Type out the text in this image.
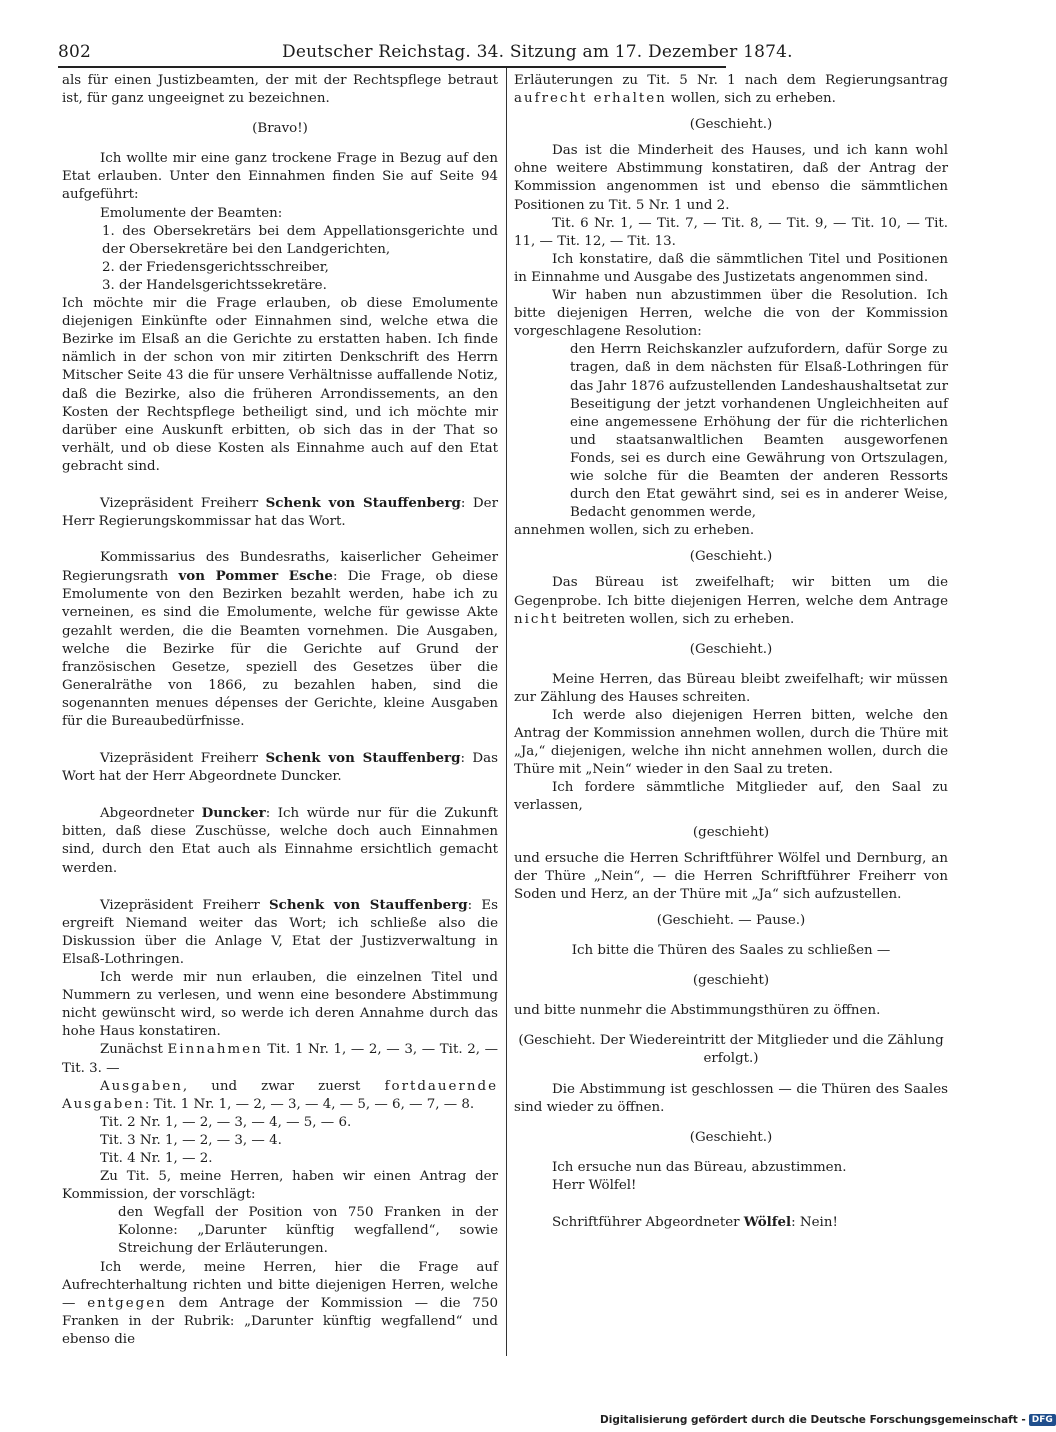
802	Deutscher Reichstag. 34. Sitzung am 17. Dezember 1874.

als für einen Justizbeamten, der mit der Rechtspflege betraut ist, für ganz ungeeignet zu bezeichnen.

(Bravo!)

Ich wollte mir eine ganz trockene Frage in Bezug auf den Etat erlauben. Unter den Einnahmen finden Sie auf Seite 94 aufgeführt:

Emolumente der Beamten:

1. des Obersekretärs bei dem Appellationsgerichte und der Obersekretäre bei den Landgerichten,

2. der Friedensgerichtsschreiber,

3. der Handelsgerichtssekretäre.

Ich möchte mir die Frage erlauben, ob diese Emolumente diejenigen Einkünfte oder Einnahmen sind, welche etwa die Bezirke im Elsaß an die Gerichte zu erstatten haben. Ich finde nämlich in der schon von mir zitirten Denkschrift des Herrn Mitscher Seite 43 die für unsere Verhältnisse auffallende Notiz, daß die Bezirke, also die früheren Arrondissements, an den Kosten der Rechtspflege betheiligt sind, und ich möchte mir darüber eine Auskunft erbitten, ob sich das in der That so verhält, und ob diese Kosten als Einnahme auch auf den Etat gebracht sind.

Vizepräsident Freiherr Schenk von Stauffenberg: Der Herr Regierungskommissar hat das Wort.

Kommissarius des Bundesraths, kaiserlicher Geheimer Regierungsrath von Pommer Esche: Die Frage, ob diese Emolumente von den Bezirken bezahlt werden, habe ich zu verneinen, es sind die Emolumente, welche für gewisse Akte gezahlt werden, die die Beamten vornehmen. Die Ausgaben, welche die Bezirke für die Gerichte auf Grund der französischen Gesetze, speziell des Gesetzes über die Generalräthe von 1866, zu bezahlen haben, sind die sogenannten menues dépenses der Gerichte, kleine Ausgaben für die Bureaubedürfnisse.

Vizepräsident Freiherr Schenk von Stauffenberg: Das Wort hat der Herr Abgeordnete Duncker.

Abgeordneter Duncker: Ich würde nur für die Zukunft bitten, daß diese Zuschüsse, welche doch auch Einnahmen sind, durch den Etat auch als Einnahme ersichtlich gemacht werden.

Vizepräsident Freiherr Schenk von Stauffenberg: Es ergreift Niemand weiter das Wort; ich schließe also die Diskussion über die Anlage V, Etat der Justizverwaltung in Elsaß-Lothringen.

Ich werde mir nun erlauben, die einzelnen Titel und Nummern zu verlesen, und wenn eine besondere Abstimmung nicht gewünscht wird, so werde ich deren Annahme durch das hohe Haus konstatiren.

Zunächst Einnahmen Tit. 1 Nr. 1, — 2, — 3, — Tit. 2, — Tit. 3. —

Ausgaben, und zwar zuerst fortdauernde Ausgaben: Tit. 1 Nr. 1, — 2, — 3, — 4, — 5, — 6, — 7, — 8.

Tit. 2 Nr. 1, — 2, — 3, — 4, — 5, — 6.

Tit. 3 Nr. 1, — 2, — 3, — 4.

Tit. 4 Nr. 1, — 2.

Zu Tit. 5, meine Herren, haben wir einen Antrag der Kommission, der vorschlägt:

den Wegfall der Position von 750 Franken in der Kolonne: „Darunter künftig wegfallend“, sowie Streichung der Erläuterungen.

Ich werde, meine Herren, hier die Frage auf Aufrechterhaltung richten und bitte diejenigen Herren, welche — entgegen dem Antrage der Kommission — die 750 Franken in der Rubrik: „Darunter künftig wegfallend“ und ebenso die

Erläuterungen zu Tit. 5 Nr. 1 nach dem Regierungsantrag aufrecht erhalten wollen, sich zu erheben.

(Geschieht.)

Das ist die Minderheit des Hauses, und ich kann wohl ohne weitere Abstimmung konstatiren, daß der Antrag der Kommission angenommen ist und ebenso die sämmtlichen Positionen zu Tit. 5 Nr. 1 und 2.

Tit. 6 Nr. 1, — Tit. 7, — Tit. 8, — Tit. 9, — Tit. 10, — Tit. 11, — Tit. 12, — Tit. 13.

Ich konstatire, daß die sämmtlichen Titel und Positionen in Einnahme und Ausgabe des Justizetats angenommen sind.

Wir haben nun abzustimmen über die Resolution. Ich bitte diejenigen Herren, welche die von der Kommission vorgeschlagene Resolution:

den Herrn Reichskanzler aufzufordern, dafür Sorge zu tragen, daß in dem nächsten für Elsaß-Lothringen für das Jahr 1876 aufzustellenden Landeshaushaltsetat zur Beseitigung der jetzt vorhandenen Ungleichheiten auf eine angemessene Erhöhung der für die richterlichen und staatsanwaltlichen Beamten ausgeworfenen Fonds, sei es durch eine Gewährung von Ortszulagen, wie solche für die Beamten der anderen Ressorts durch den Etat gewährt sind, sei es in anderer Weise, Bedacht genommen werde,

annehmen wollen, sich zu erheben.

(Geschieht.)

Das Büreau ist zweifelhaft; wir bitten um die Gegenprobe. Ich bitte diejenigen Herren, welche dem Antrage nicht beitreten wollen, sich zu erheben.

(Geschieht.)

Meine Herren, das Büreau bleibt zweifelhaft; wir müssen zur Zählung des Hauses schreiten.

Ich werde also diejenigen Herren bitten, welche den Antrag der Kommission annehmen wollen, durch die Thüre mit „Ja,“ diejenigen, welche ihn nicht annehmen wollen, durch die Thüre mit „Nein“ wieder in den Saal zu treten.

Ich fordere sämmtliche Mitglieder auf, den Saal zu verlassen,

(geschieht)

und ersuche die Herren Schriftführer Wölfel und Dernburg, an der Thüre „Nein“, — die Herren Schriftführer Freiherr von Soden und Herz, an der Thüre mit „Ja“ sich aufzustellen.

(Geschieht. — Pause.)

Ich bitte die Thüren des Saales zu schließen —

(geschieht)

und bitte nunmehr die Abstimmungsthüren zu öffnen.

(Geschieht. Der Wiedereintritt der Mitglieder und die Zählung erfolgt.)

Die Abstimmung ist geschlossen — die Thüren des Saales sind wieder zu öffnen.

(Geschieht.)

Ich ersuche nun das Büreau, abzustimmen.

Herr Wölfel!

Schriftführer Abgeordneter Wölfel: Nein!

Digitalisierung gefördert durch die Deutsche Forschungsgemeinschaft - DFG
